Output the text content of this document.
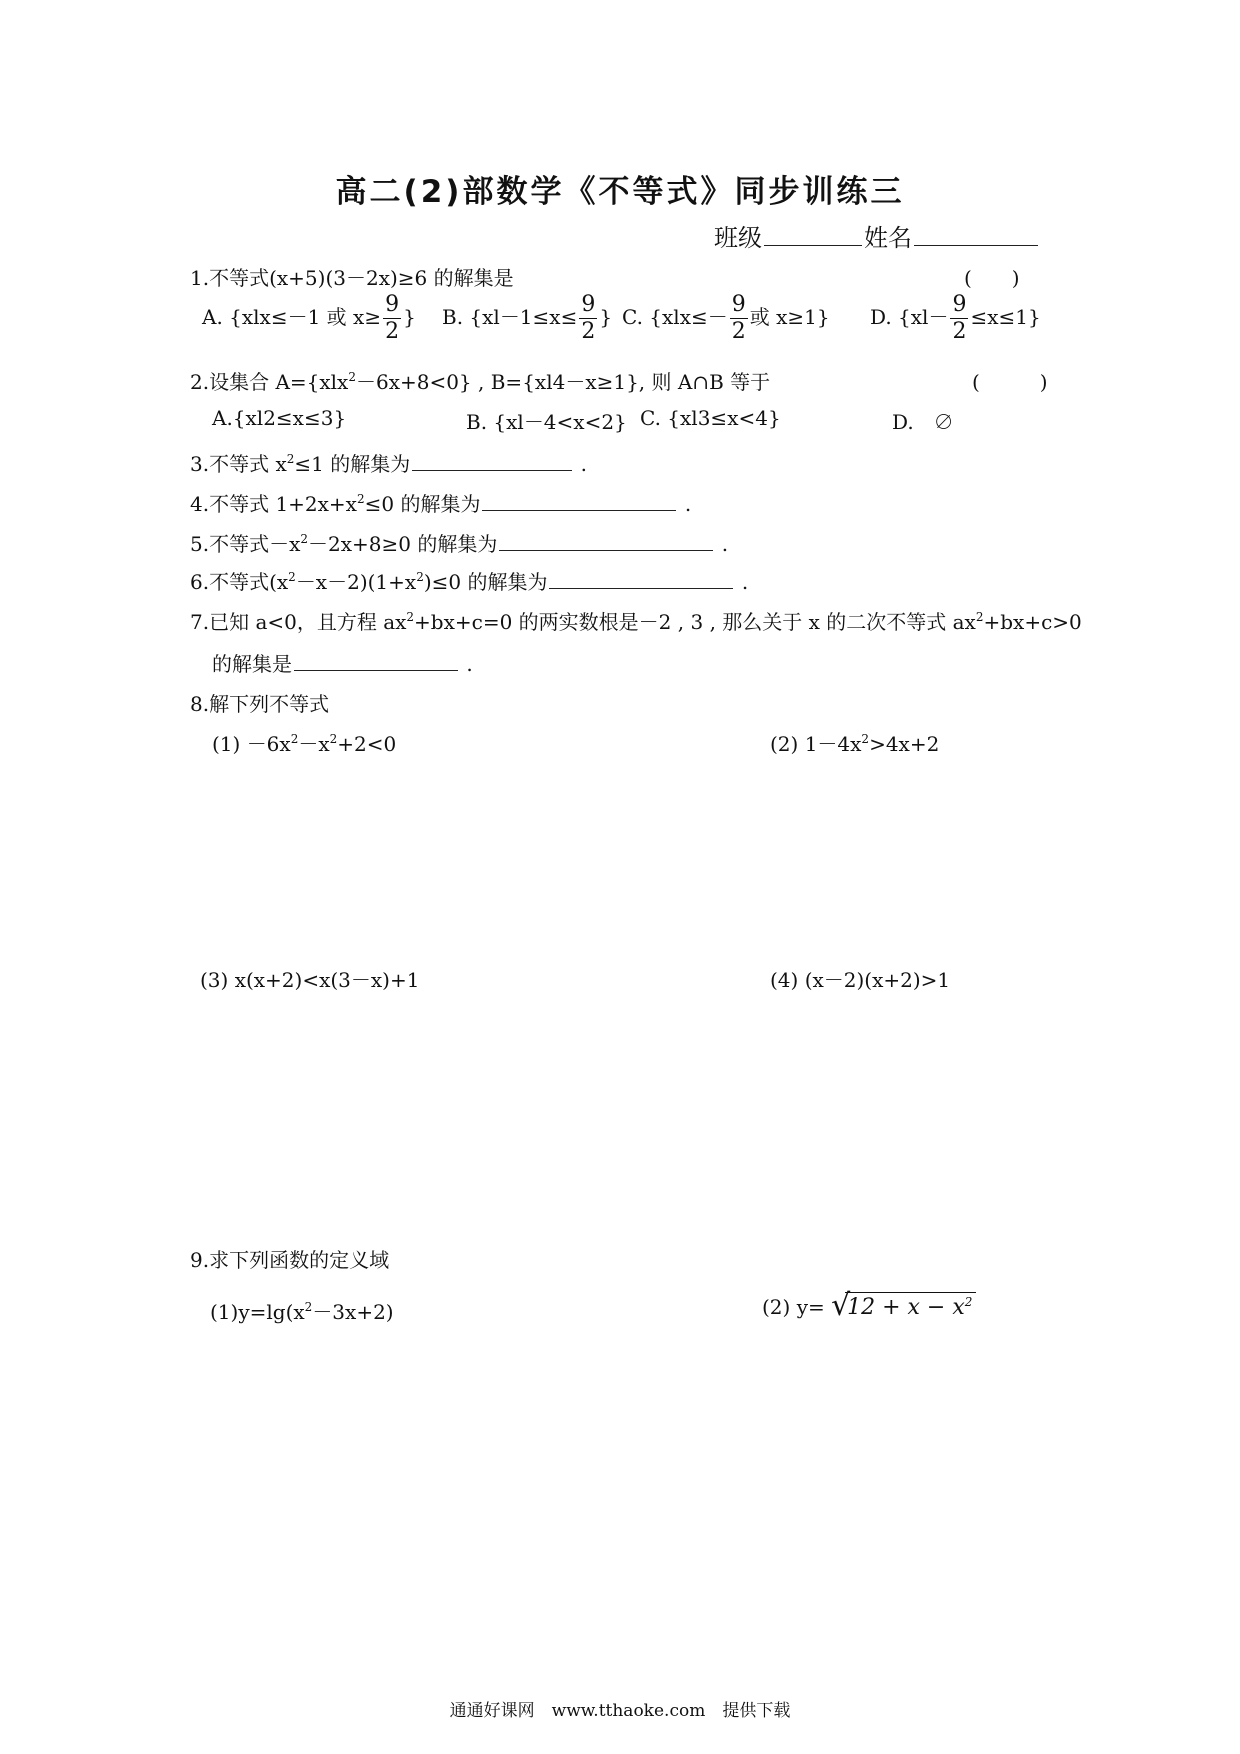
高二(2)部数学《不等式》同步训练三
班级	姓名
1.不等式(x+5)(3－2x)≥6 的解集是	(　　)
A. {xlx≤－1 或 $x\ge \frac{9}{2}$ } B. {$xl-1\le x\le \frac{9}{2}$ } C. {$xlx\le- \frac{9}{2}$ 或 x≥1} D. $\{xl- \frac{9}{2} \le x\le 1\}$
2.设集合 A={xlx$^2$－6x+8<0} , B={xl4－x≥1}, 则 A∩B 等于	(　　　)
A.{xl2≤x≤3}	B. {xl－4<x<2} C. {xl3≤x<4}	D.　∅
3.不等式 $x^2\le 1$ 的解集为	.
4.不等式 $1+2x+x^2\le 0$ 的解集为	.
5.不等式$-x^2-2x+8\ge 0$ 的解集为	.
6.不等式$(x^2-x-2)(1+x^2)\le 0$ 的解集为	.
7.已知 a<0，且方程 $ax^2+bx+c=0$ 的两实数根是－2 , 3 , 那么关于 x 的二次不等式 $ax^2+bx+c>0$
的解集是	.
8.解下列不等式
$(1) -6x^2-x^2+2<0$	(2) $1-4x^2>4x+2$
(3) x(x+2)<x(3－x)+1	(4) (x－2)(x+2)>1
9.求下列函数的定义域
$(1)y=\lg(x^2-3x+2)$	(2) y= √
$12 + x - x^2$
通通好课网　www.tthaoke.com　提供下载
